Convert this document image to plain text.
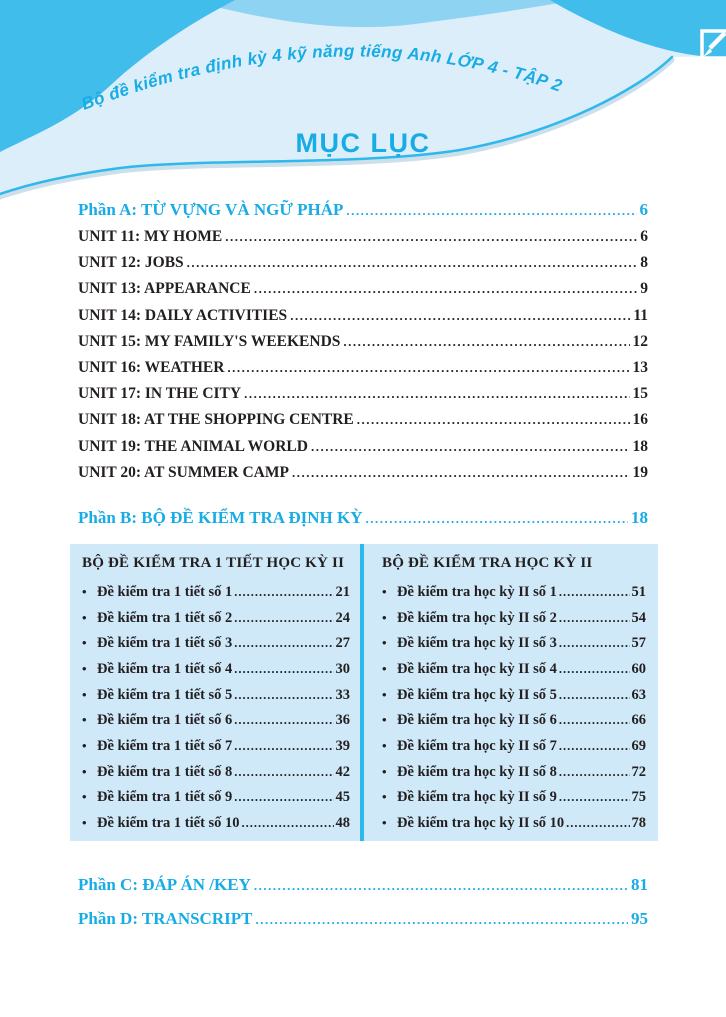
Bộ đề kiểm tra định kỳ 4 kỹ năng tiếng Anh LỚP 4 - TẬP 2
MỤC LỤC
Phần A: TỪ VỰNG VÀ NGỮ PHÁP .....	6
UNIT 11: MY HOME .....	6
UNIT 12: JOBS .....	8
UNIT 13: APPEARANCE .....	9
UNIT 14: DAILY ACTIVITIES .....	11
UNIT 15: MY FAMILY'S WEEKENDS .....	12
UNIT 16: WEATHER .....	13
UNIT 17: IN THE CITY .....	15
UNIT 18: AT THE SHOPPING CENTRE .....	16
UNIT 19: THE ANIMAL WORLD .....	18
UNIT 20: AT SUMMER CAMP .....	19
Phần B: BỘ ĐỀ KIỂM TRA ĐỊNH KỲ .....	18
BỘ ĐỀ KIỂM TRA 1 TIẾT HỌC KỲ II
• Đề kiểm tra 1 tiết số 1 .....	21
• Đề kiểm tra 1 tiết số 2 .....	24
• Đề kiểm tra 1 tiết số 3 .....	27
• Đề kiểm tra 1 tiết số 4 .....	30
• Đề kiểm tra 1 tiết số 5 .....	33
• Đề kiểm tra 1 tiết số 6 .....	36
• Đề kiểm tra 1 tiết số 7 .....	39
• Đề kiểm tra 1 tiết số 8 .....	42
• Đề kiểm tra 1 tiết số 9 .....	45
• Đề kiểm tra 1 tiết số 10 .....	48
BỘ ĐỀ KIỂM TRA HỌC KỲ II
• Đề kiểm tra học kỳ II số 1 .....	51
• Đề kiểm tra học kỳ II số 2 .....	54
• Đề kiểm tra học kỳ II số 3 .....	57
• Đề kiểm tra học kỳ II số 4 .....	60
• Đề kiểm tra học kỳ II số 5 .....	63
• Đề kiểm tra học kỳ II số 6 .....	66
• Đề kiểm tra học kỳ II số 7 .....	69
• Đề kiểm tra học kỳ II số 8 .....	72
• Đề kiểm tra học kỳ II số 9 .....	75
• Đề kiểm tra học kỳ II số 10 .....	78
Phần C: ĐÁP ÁN /KEY .....	81
Phần D: TRANSCRIPT .....	95
